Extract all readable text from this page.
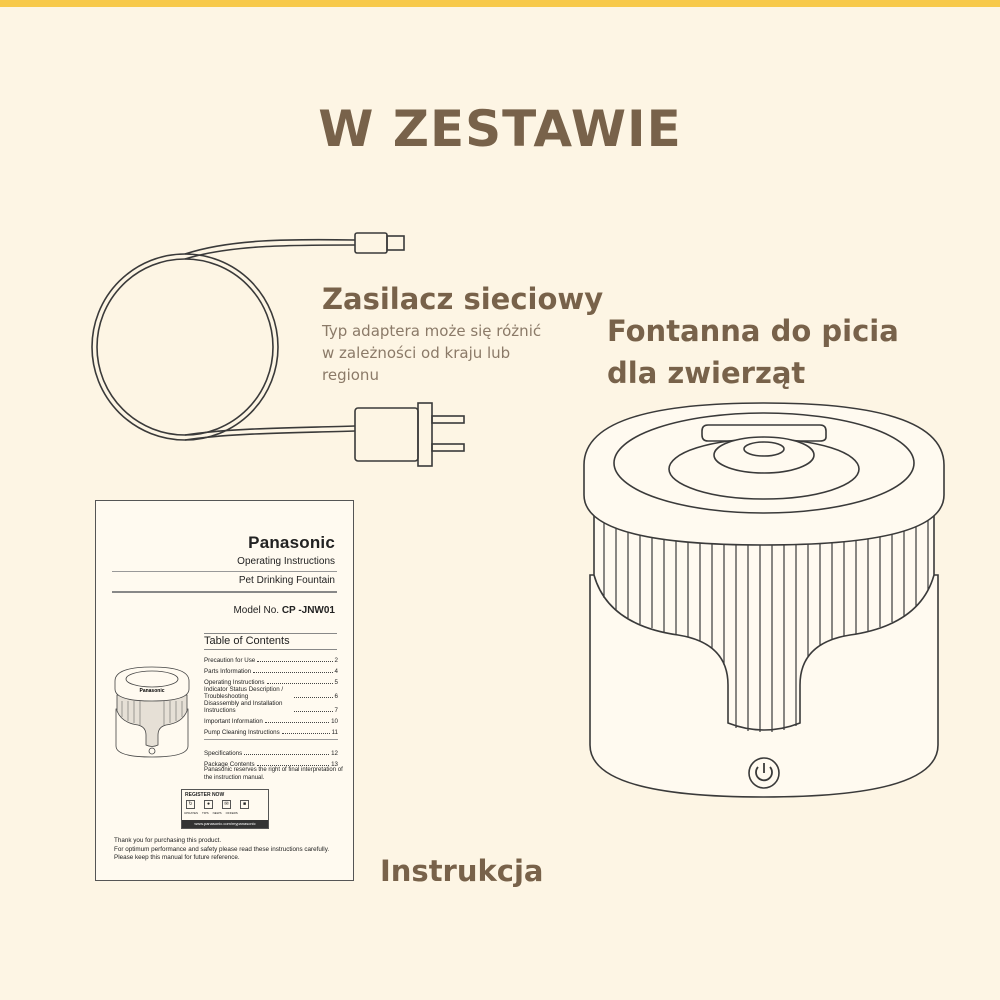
W ZESTAWIE
Zasilacz sieciowy
Typ adaptera może się różnić w zależności od kraju lub regionu
Fontanna do picia
dla zwierząt
Panasonic
Operating Instructions
Pet Drinking Fountain
Model No. CP -JNW01
Table of Contents
Precaution for Use	2
Parts Information	4
Operating Instructions	5
Indicator Status Description / Troubleshooting	6
Disassembly and Installation Instructions	7
Important Information	10
Pump Cleaning Instructions	11
Specifications	12
Package Contents	13
Panasonic
Panasonic reserves the right of final interpretation of the instruction manual.
REGISTER NOW
↻	●	✉	■
UPDATES TIPS NEWS OFFERS
www.panasonic.com/mypanasonic
Thank you for purchasing this product.
For optimum performance and safety please read these instructions carefully.
Please keep this manual for future reference.	Instrukcja
